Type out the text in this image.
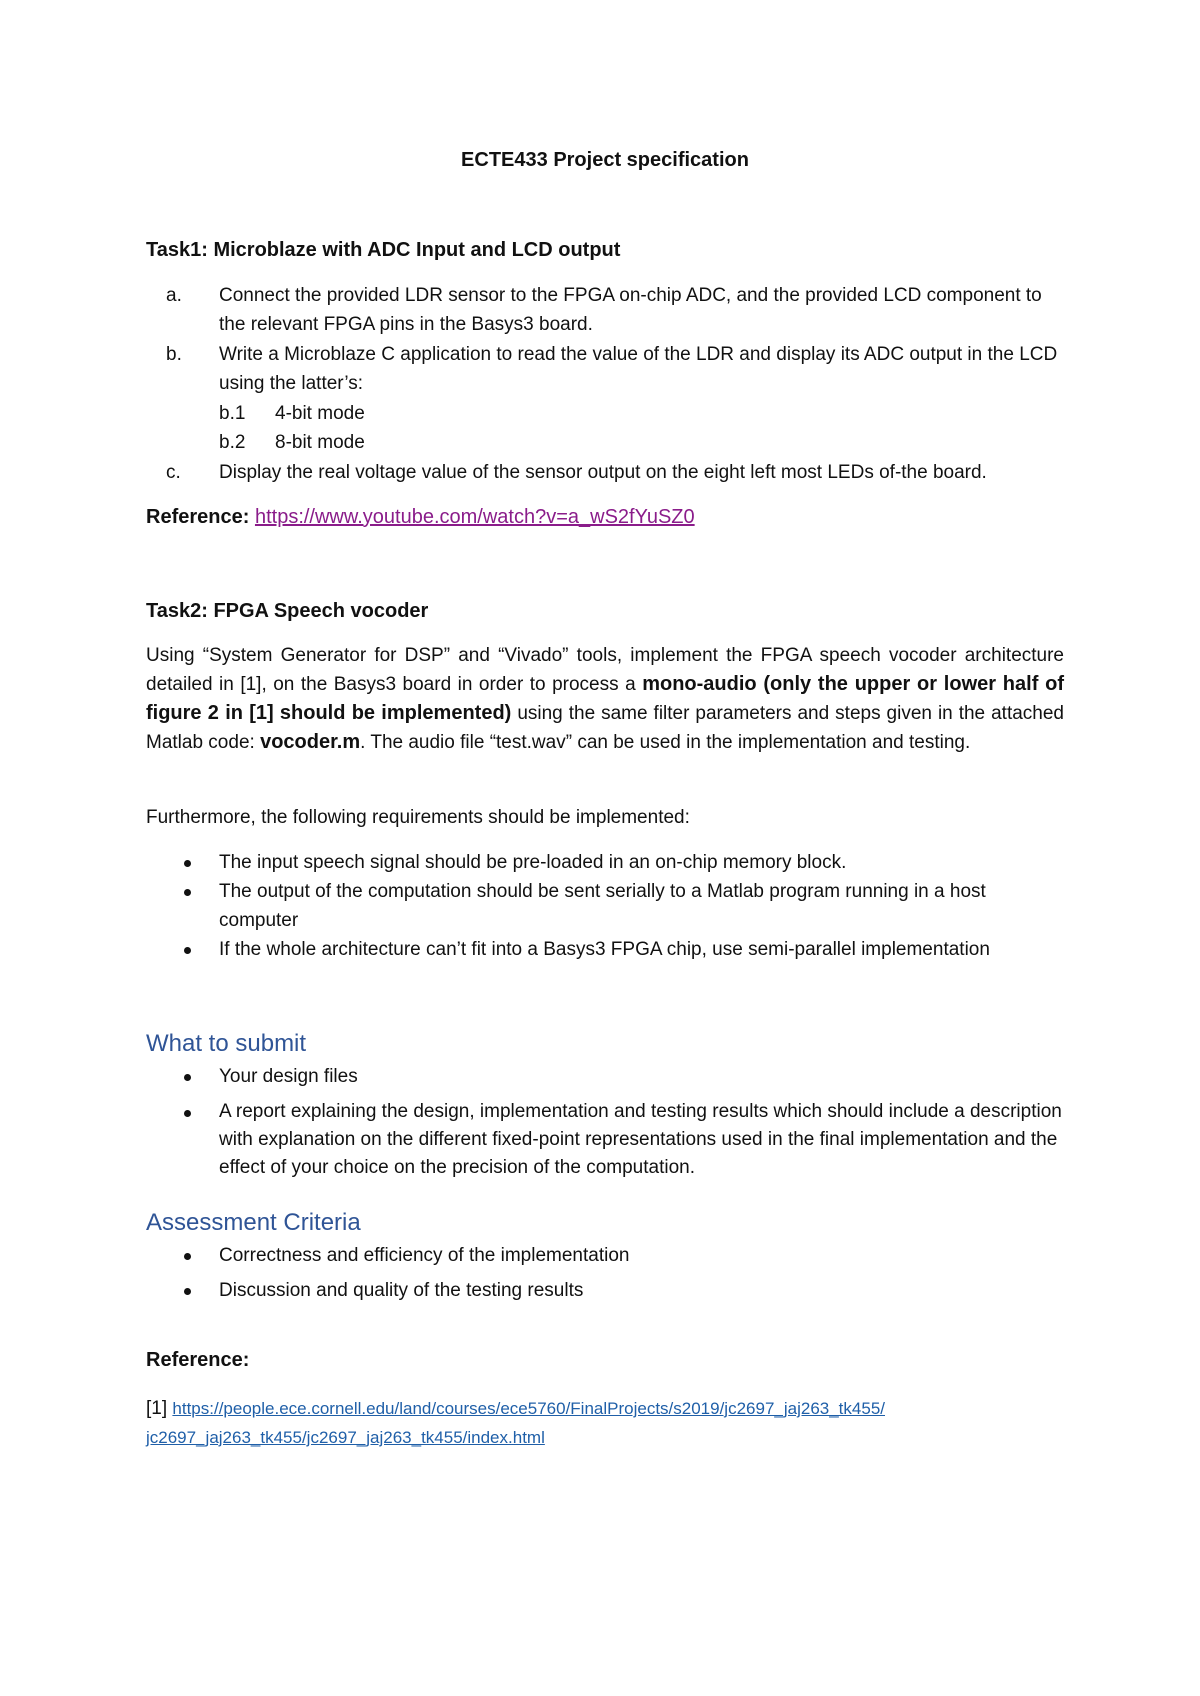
ECTE433 Project specification
Task1: Microblaze with ADC Input and LCD output
a. Connect the provided LDR sensor to the FPGA on-chip ADC, and the provided LCD component to the relevant FPGA pins in the Basys3 board.
b. Write a Microblaze C application to read the value of the LDR and display its ADC output in the LCD using the latter’s:
b.1 4-bit mode
b.2 8-bit mode
c. Display the real voltage value of the sensor output on the eight left most LEDs of-the board.
Reference: https://www.youtube.com/watch?v=a_wS2fYuSZ0
Task2: FPGA Speech vocoder
Using “System Generator for DSP” and “Vivado” tools, implement the FPGA speech vocoder architecture detailed in [1], on the Basys3 board in order to process a mono-audio (only the upper or lower half of figure 2 in [1] should be implemented) using the same filter parameters and steps given in the attached Matlab code: vocoder.m. The audio file “test.wav” can be used in the implementation and testing.
Furthermore, the following requirements should be implemented:
The input speech signal should be pre-loaded in an on-chip memory block.
The output of the computation should be sent serially to a Matlab program running in a host computer
If the whole architecture can’t fit into a Basys3 FPGA chip, use semi-parallel implementation
What to submit
Your design files
A report explaining the design, implementation and testing results which should include a description with explanation on the different fixed-point representations used in the final implementation and the effect of your choice on the precision of the computation.
Assessment Criteria
Correctness and efficiency of the implementation
Discussion and quality of the testing results
Reference:
[1] https://people.ece.cornell.edu/land/courses/ece5760/FinalProjects/s2019/jc2697_jaj263_tk455/
jc2697_jaj263_tk455/jc2697_jaj263_tk455/index.html
